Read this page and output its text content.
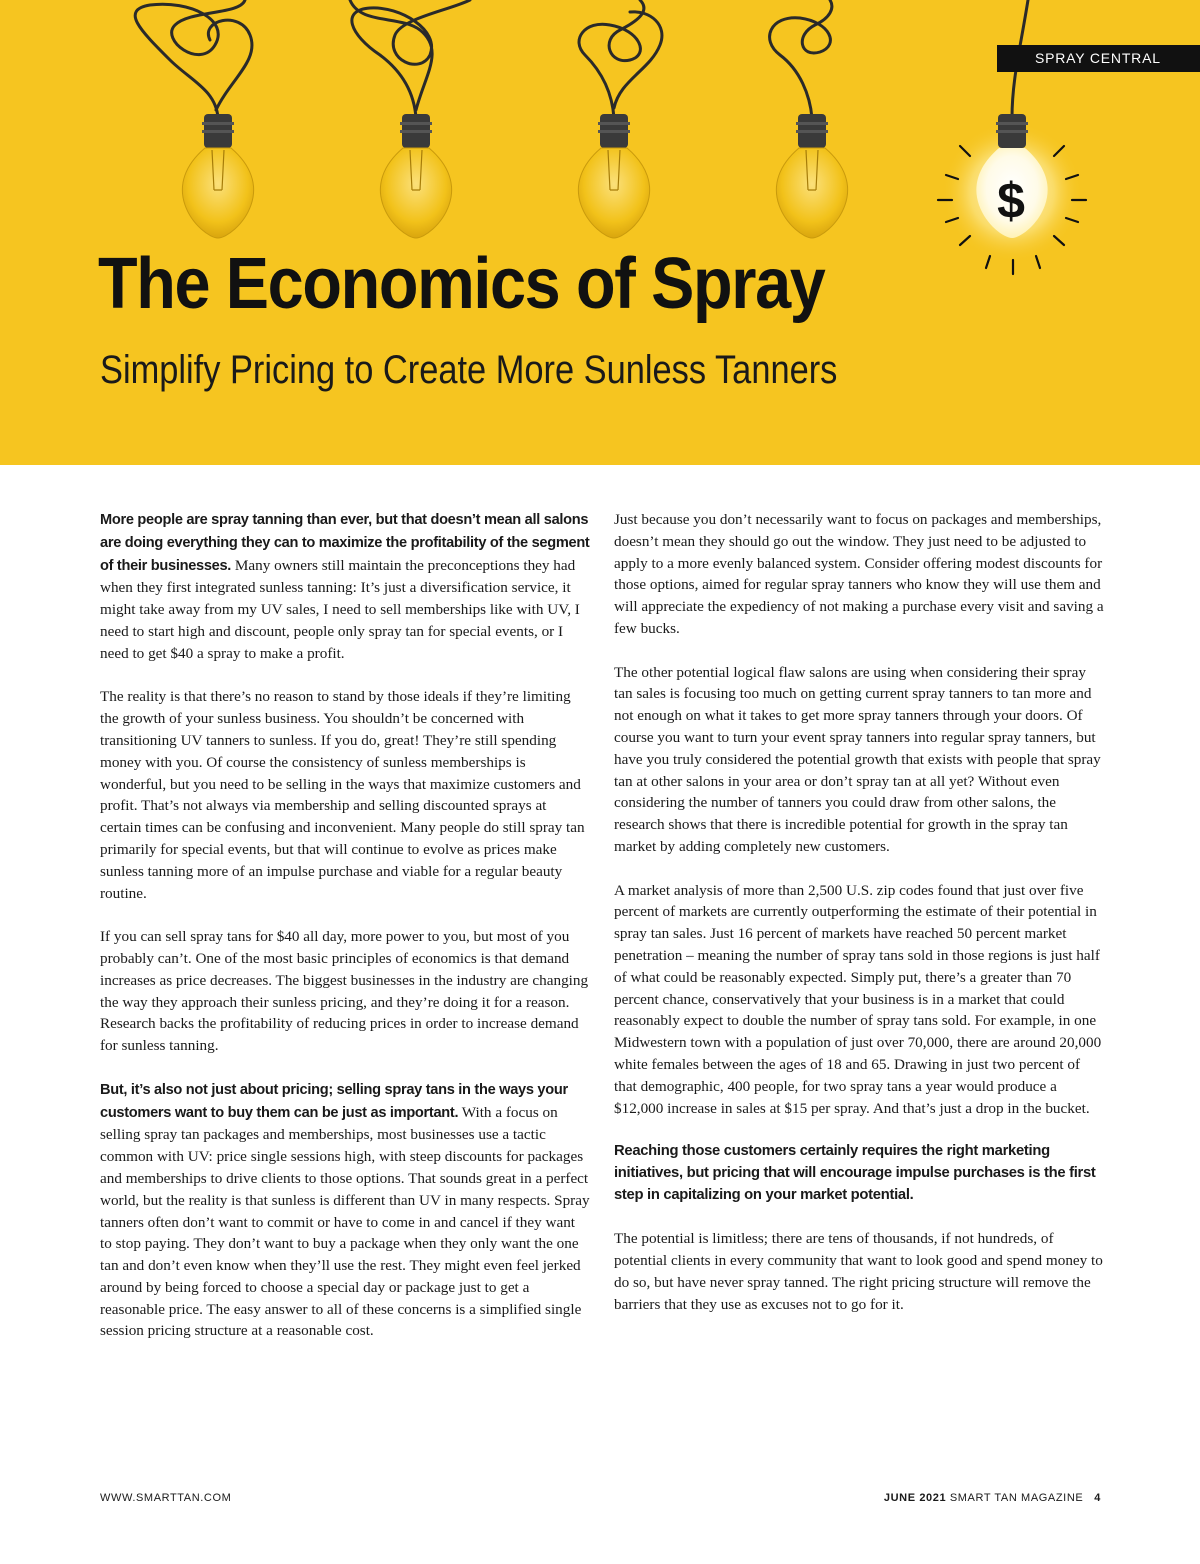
$
SPRAY CENTRAL
The Economics of Spray
Simplify Pricing to Create More Sunless Tanners

More people are spray tanning than ever, but that doesn’t mean all salons are doing everything they can to maximize the profitability of the segment of their businesses. Many owners still maintain the preconceptions they had when they first integrated sunless tanning: It’s just a diversification service, it might take away from my UV sales, I need to sell memberships like with UV, I need to start high and discount, people only spray tan for special events, or I need to get $40 a spray to make a profit.

The reality is that there’s no reason to stand by those ideals if they’re limiting the growth of your sunless business. You shouldn’t be concerned with transitioning UV tanners to sunless. If you do, great! They’re still spending money with you. Of course the consistency of sunless memberships is wonderful, but you need to be selling in the ways that maximize customers and profit. That’s not always via membership and selling discounted sprays at certain times can be confusing and inconvenient. Many people do still spray tan primarily for special events, but that will continue to evolve as prices make sunless tanning more of an impulse purchase and viable for a regular beauty routine.

If you can sell spray tans for $40 all day, more power to you, but most of you probably can’t. One of the most basic principles of economics is that demand increases as price decreases. The biggest businesses in the industry are changing the way they approach their sunless pricing, and they’re doing it for a reason. Research backs the profitability of reducing prices in order to increase demand for sunless tanning.

But, it’s also not just about pricing; selling spray tans in the ways your customers want to buy them can be just as important. With a focus on selling spray tan packages and memberships, most businesses use a tactic common with UV: price single sessions high, with steep discounts for packages and memberships to drive clients to those options. That sounds great in a perfect world, but the reality is that sunless is different than UV in many respects. Spray tanners often don’t want to commit or have to come in and cancel if they want to stop paying. They don’t want to buy a package when they only want the one tan and don’t even know when they’ll use the rest. They might even feel jerked around by being forced to choose a special day or package just to get a reasonable price. The easy answer to all of these concerns is a simplified single session pricing structure at a reasonable cost.

Just because you don’t necessarily want to focus on packages and memberships, doesn’t mean they should go out the window. They just need to be adjusted to apply to a more evenly balanced system. Consider offering modest discounts for those options, aimed for regular spray tanners who know they will use them and will appreciate the expediency of not making a purchase every visit and saving a few bucks.

The other potential logical flaw salons are using when considering their spray tan sales is focusing too much on getting current spray tanners to tan more and not enough on what it takes to get more spray tanners through your doors. Of course you want to turn your event spray tanners into regular spray tanners, but have you truly considered the potential growth that exists with people that spray tan at other salons in your area or don’t spray tan at all yet? Without even considering the number of tanners you could draw from other salons, the research shows that there is incredible potential for growth in the spray tan market by adding completely new customers.

A market analysis of more than 2,500 U.S. zip codes found that just over five percent of markets are currently outperforming the estimate of their potential in spray tan sales. Just 16 percent of markets have reached 50 percent market penetration – meaning the number of spray tans sold in those regions is just half of what could be reasonably expected. Simply put, there’s a greater than 70 percent chance, conservatively that your business is in a market that could reasonably expect to double the number of spray tans sold. For example, in one Midwestern town with a population of just over 70,000, there are around 20,000 white females between the ages of 18 and 65. Drawing in just two percent of that demographic, 400 people, for two spray tans a year would produce a $12,000 increase in sales at $15 per spray. And that’s just a drop in the bucket.

Reaching those customers certainly requires the right marketing initiatives, but pricing that will encourage impulse purchases is the first step in capitalizing on your market potential.

The potential is limitless; there are tens of thousands, if not hundreds, of potential clients in every community that want to look good and spend money to do so, but have never spray tanned. The right pricing structure will remove the barriers that they use as excuses not to go for it.

WWW.SMARTTAN.COM	JUNE 2021 SMART TAN MAGAZINE 4
